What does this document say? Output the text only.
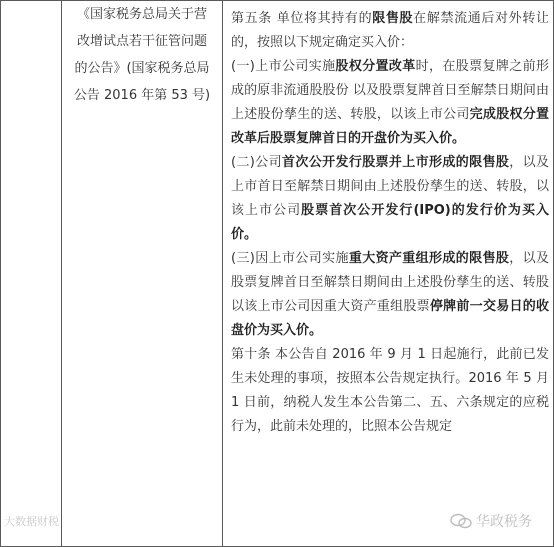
《国家税务总局关于营改增试点若干征管问题的公告》(国家税务总局公告 2016 年第 53 号)

第五条 单位将其持有的限售股在解禁流通后对外转让的，按照以下规定确定买入价：

(一)上市公司实施股权分置改革时，在股票复牌之前形成的原非流通股股份 以及股票复牌首日至解禁日期间由上述股份孳生的送、转股，以该上市公司完成股权分置改革后股票复牌首日的开盘价为买入价。

(二)公司首次公开发行股票并上市形成的限售股，以及上市首日至解禁日期间由上述股份孳生的送、转股，以该上市公司股票首次公开发行(IPO)的发行价为买入价。

(三)因上市公司实施重大资产重组形成的限售股，以及股票复牌首日至解禁日期间由上述股份孳生的送、转股 以该上市公司因重大资产重组股票停牌前一交易日的收盘价为买入价。

第十条 本公告自 2016 年 9 月 1 日起施行，此前已发生未处理的事项，按照本公告规定执行。2016 年 5 月 1 日前，纳税人发生本公告第二、五、六条规定的应税行为，此前未处理的，比照本公告规定

大数据财税	华政税务
